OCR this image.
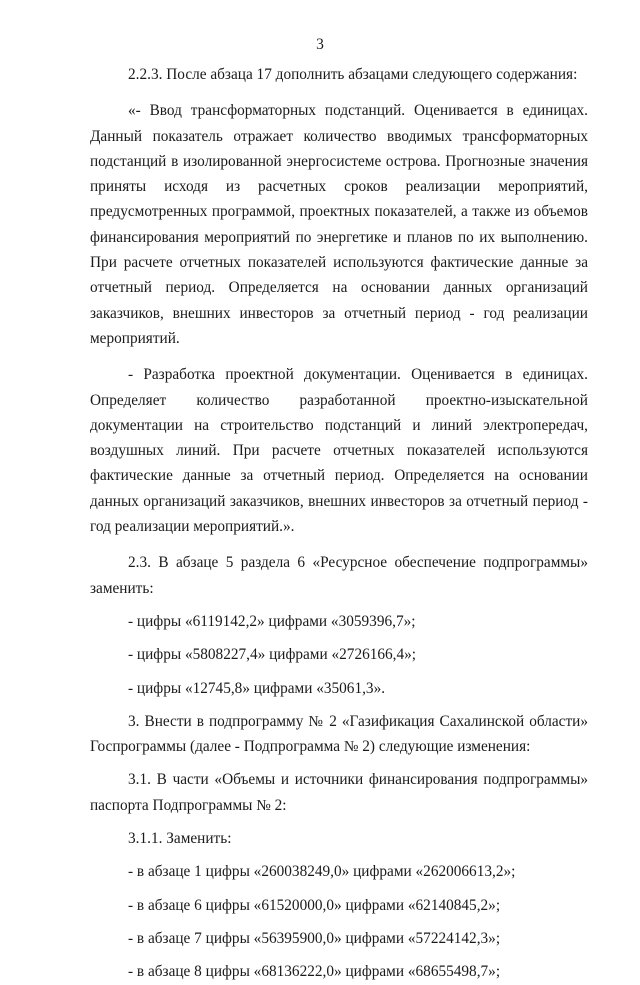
3

2.2.3. После абзаца 17 дополнить абзацами следующего содержания:

«- Ввод трансформаторных подстанций. Оценивается в единицах. Данный показатель отражает количество вводимых трансформаторных подстанций в изолированной энергосистеме острова. Прогнозные значения приняты исходя из расчетных сроков реализации мероприятий, предусмотренных программой, проектных показателей, а также из объемов финансирования мероприятий по энергетике и планов по их выполнению. При расчете отчетных показателей используются фактические данные за отчетный период. Определяется на основании данных организаций заказчиков, внешних инвесторов за отчетный период - год реализации мероприятий.

- Разработка проектной документации. Оценивается в единицах. Определяет количество разработанной проектно-изыскательной документации на строительство подстанций и линий электропередач, воздушных линий. При расчете отчетных показателей используются фактические данные за отчетный период. Определяется на основании данных организаций заказчиков, внешних инвесторов за отчетный период - год реализации мероприятий.».

2.3. В абзаце 5 раздела 6 «Ресурсное обеспечение подпрограммы» заменить:

- цифры «6119142,2» цифрами «3059396,7»;

- цифры «5808227,4» цифрами «2726166,4»;

- цифры «12745,8» цифрами «35061,3».

3. Внести в подпрограмму № 2 «Газификация Сахалинской области» Госпрограммы (далее - Подпрограмма № 2) следующие изменения:

3.1. В части «Объемы и источники финансирования подпрограммы» паспорта Подпрограммы № 2:

3.1.1. Заменить:

- в абзаце 1 цифры «260038249,0» цифрами «262006613,2»;

- в абзаце 6 цифры «61520000,0» цифрами «62140845,2»;

- в абзаце 7 цифры «56395900,0» цифрами «57224142,3»;

- в абзаце 8 цифры «68136222,0» цифрами «68655498,7»;
